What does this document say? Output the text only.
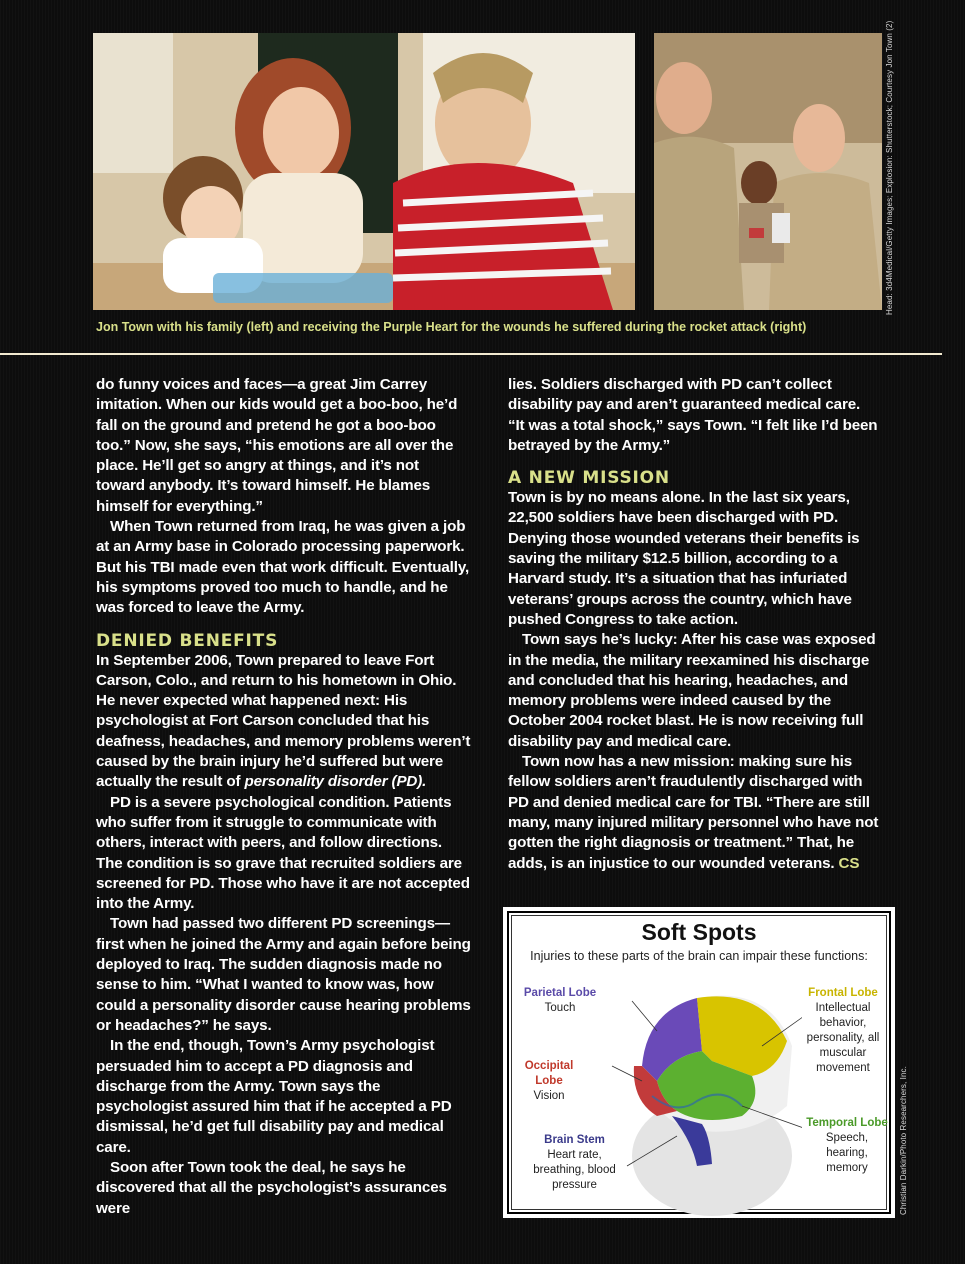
Head: 3d4Medical/Getty Images; Explosion: Shutterstock; Courtesy Jon Town (2)
Jon Town with his family (left) and receiving the Purple Heart for the wounds he suffered during the rocket attack (right)

do funny voices and faces—a great Jim Carrey imitation. When our kids would get a boo-boo, he’d fall on the ground and pretend he got a boo-boo too.” Now, she says, “his emotions are all over the place. He’ll get so angry at things, and it’s not toward anybody. It’s toward himself. He blames himself for everything.”

When Town returned from Iraq, he was given a job at an Army base in Colorado processing paperwork. But his TBI made even that work difficult. Eventually, his symptoms proved too much to handle, and he was forced to leave the Army.

DENIED BENEFITS

In September 2006, Town prepared to leave Fort Carson, Colo., and return to his hometown in Ohio. He never expected what happened next: His psychologist at Fort Carson concluded that his deafness, headaches, and memory problems weren’t caused by the brain injury he’d suffered but were actually the result of personality disorder (PD).

PD is a severe psychological condition. Patients who suffer from it struggle to communicate with others, interact with peers, and follow directions. The condition is so grave that recruited soldiers are screened for PD. Those who have it are not accepted into the Army.

Town had passed two different PD screenings—first when he joined the Army and again before being deployed to Iraq. The sudden diagnosis made no sense to him. “What I wanted to know was, how could a personality disorder cause hearing problems or headaches?” he says.

In the end, though, Town’s Army psychologist persuaded him to accept a PD diagnosis and discharge from the Army. Town says the psychologist assured him that if he accepted a PD dismissal, he’d get full disability pay and medical care.

Soon after Town took the deal, he says he discovered that all the psychologist’s assurances were

lies. Soldiers discharged with PD can’t collect disability pay and aren’t guaranteed medical care. “It was a total shock,” says Town. “I felt like I’d been betrayed by the Army.”

A NEW MISSION

Town is by no means alone. In the last six years, 22,500 soldiers have been discharged with PD. Denying those wounded veterans their benefits is saving the military $12.5 billion, according to a Harvard study. It’s a situation that has infuriated veterans’ groups across the country, which have pushed Congress to take action.

Town says he’s lucky: After his case was exposed in the media, the military reexamined his discharge and concluded that his hearing, headaches, and memory problems were indeed caused by the October 2004 rocket blast. He is now receiving full disability pay and medical care.

Town now has a new mission: making sure his fellow soldiers aren’t fraudulently discharged with PD and denied medical care for TBI. “There are still many, many injured military personnel who have not gotten the right diagnosis or treatment.” That, he adds, is an injustice to our wounded veterans. CS

Soft Spots
Injuries to these parts of the brain can impair these functions:
Parietal Lobe
Touch
Frontal Lobe
Intellectual behavior, personality, all muscular movement
Occipital Lobe
Vision
Temporal Lobe
Speech, hearing, memory
Brain Stem
Heart rate, breathing, blood pressure	Christian Darkin/Photo Researchers, Inc.
